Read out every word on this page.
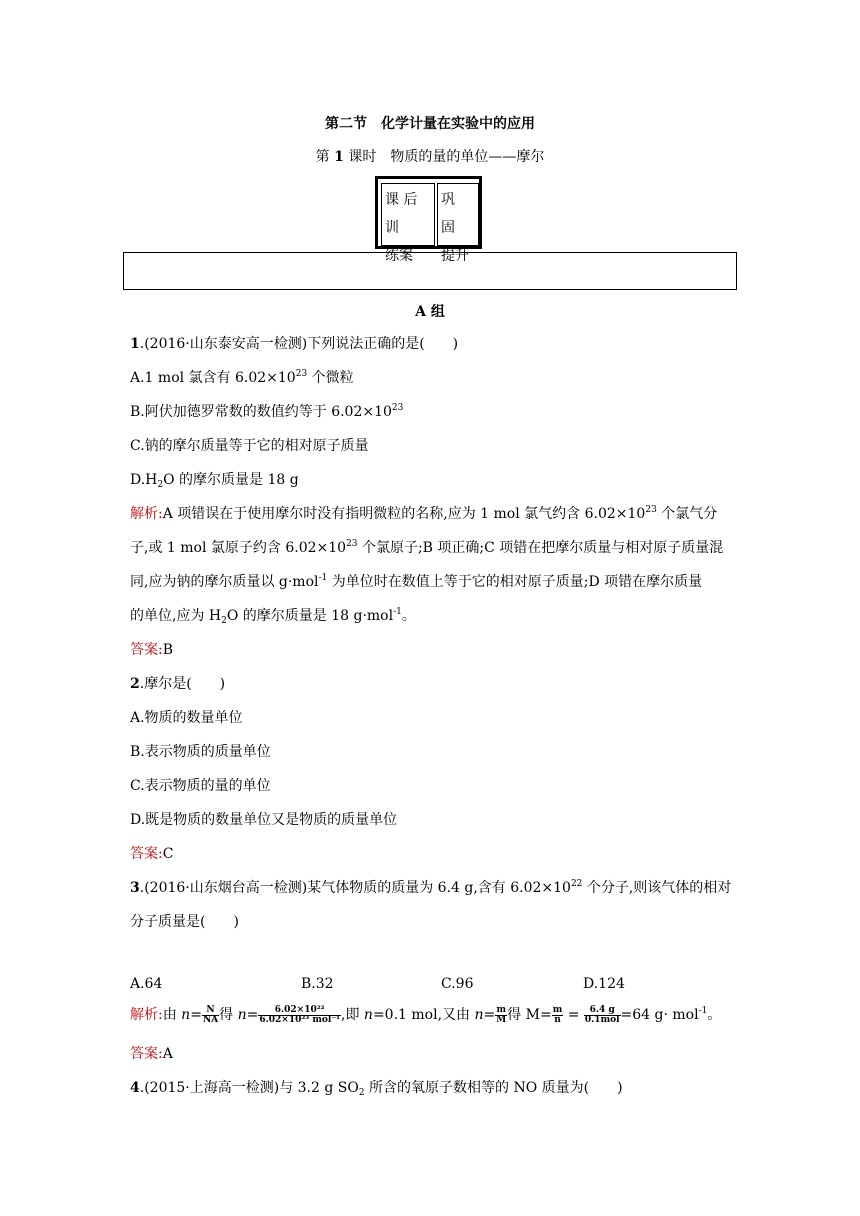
第二节　化学计量在实验中的应用
第 1 课时　物质的量的单位——摩尔
课 后 训
练案
巩　固
提升
A 组
1.(2016·山东泰安高一检测)下列说法正确的是(　　)
A.1 mol 氯含有 $6.02\times 10^{23}$ 个微粒
B.阿伏加德罗常数的数值约等于 $6.02\times 10^{23}$
C.钠的摩尔质量等于它的相对原子质量
$D.H_2O$ 的摩尔质量是 18 g
解析:A 项错误在于使用摩尔时没有指明微粒的名称,应为 1 mol 氯气约含 $6.02\times 10^{23}$ 个氯气分
子,或 1 mol 氯原子约含 $6.02\times 10^{23}$ 个氯原子;B 项正确;C 项错在把摩尔质量与相对原子质量混
同,应为钠的摩尔质量以 g·mol$^{-1}$ 为单位时在数值上等于它的相对原子质量;D 项错在摩尔质量
的单位,应为 $H_2O$ 的摩尔质量是 18 g·mol$^{-1}$。
答案:B
2.摩尔是(　　)
A.物质的数量单位
B.表示物质的质量单位
C.表示物质的量的单位
D.既是物质的数量单位又是物质的质量单位
答案:C
3.(2016·山东烟台高一检测)某气体物质的质量为 6.4 g,含有 $6.02\times 10^{22}$ 个分子,则该气体的相对
分子质量是(　　)
A.64	B.32	C.96	D.124
解析:由 $n= \frac{N}{NA}$ 得 $n= \frac{\text{6.02×10²²}}{\text{6.02×10²³ mol⁻¹}}$ ,即 n=0.1 mol,又由 $n= \frac{m}{M}$ 得 $M= \frac{m}{n} = \frac{6.4 g}{\text{0.1mol}} =64$ g· mol$^{-1}$。
答案:A
4.(2015·上海高一检测)与 3.2 g $SO_2$ 所含的氧原子数相等的 NO 质量为(　　)
